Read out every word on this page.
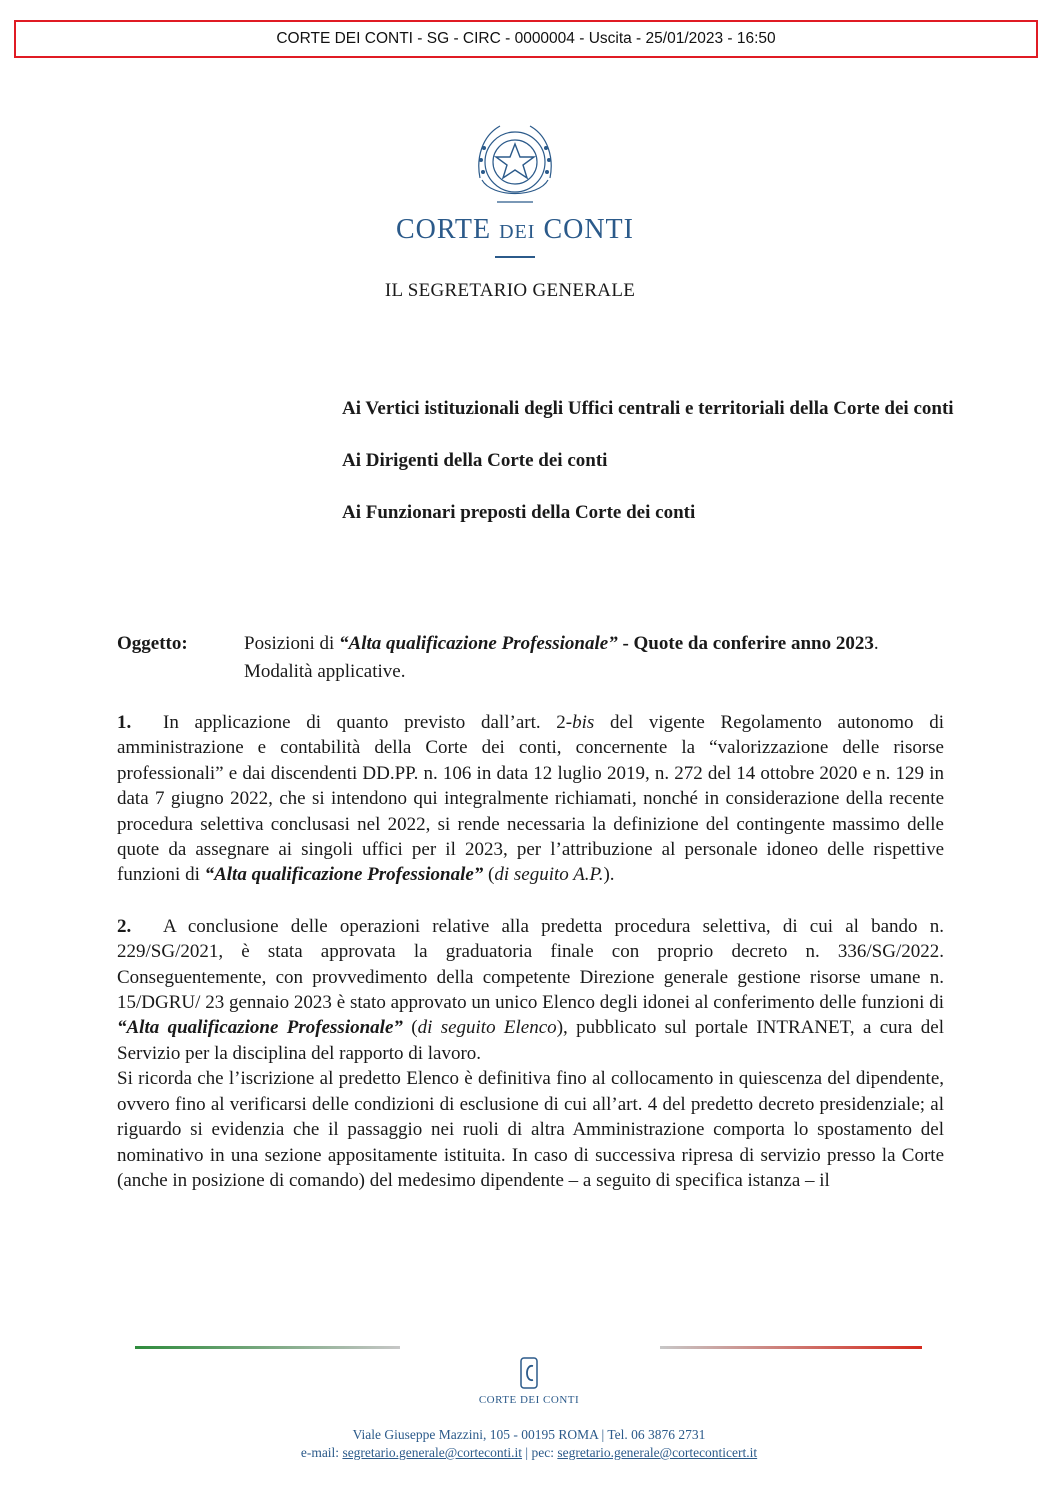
CORTE DEI CONTI - SG - CIRC - 0000004 - Uscita - 25/01/2023 - 16:50
CORTE DEI CONTI
IL SEGRETARIO GENERALE

Ai Vertici istituzionali degli Uffici centrali e territoriali della Corte dei conti

Ai Dirigenti della Corte dei conti

Ai Funzionari preposti della Corte dei conti

Oggetto:	Posizioni di “Alta qualificazione Professionale” - Quote da conferire anno 2023. Modalità applicative.

1. In applicazione di quanto previsto dall’art. 2-bis del vigente Regolamento autonomo di amministrazione e contabilità della Corte dei conti, concernente la “valorizzazione delle risorse professionali” e dai discendenti DD.PP. n. 106 in data 12 luglio 2019, n. 272 del 14 ottobre 2020 e n. 129 in data 7 giugno 2022, che si intendono qui integralmente richiamati, nonché in considerazione della recente procedura selettiva conclusasi nel 2022, si rende necessaria la definizione del contingente massimo delle quote da assegnare ai singoli uffici per il 2023, per l’attribuzione al personale idoneo delle rispettive funzioni di “Alta qualificazione Professionale” (di seguito A.P.).

2. A conclusione delle operazioni relative alla predetta procedura selettiva, di cui al bando n. 229/SG/2021, è stata approvata la graduatoria finale con proprio decreto n. 336/SG/2022. Conseguentemente, con provvedimento della competente Direzione generale gestione risorse umane n. 15/DGRU/ 23 gennaio 2023 è stato approvato un unico Elenco degli idonei al conferimento delle funzioni di “Alta qualificazione Professionale” (di seguito Elenco), pubblicato sul portale INTRANET, a cura del Servizio per la disciplina del rapporto di lavoro.

Si ricorda che l’iscrizione al predetto Elenco è definitiva fino al collocamento in quiescenza del dipendente, ovvero fino al verificarsi delle condizioni di esclusione di cui all’art. 4 del predetto decreto presidenziale; al riguardo si evidenzia che il passaggio nei ruoli di altra Amministrazione comporta lo spostamento del nominativo in una sezione appositamente istituita. In caso di successiva ripresa di servizio presso la Corte (anche in posizione di comando) del medesimo dipendente – a seguito di specifica istanza – il

CORTE DEI CONTI
Viale Giuseppe Mazzini, 105 - 00195 ROMA | Tel. 06 3876 2731
e-mail: segretario.generale@corteconti.it | pec: segretario.generale@corteconticert.it
